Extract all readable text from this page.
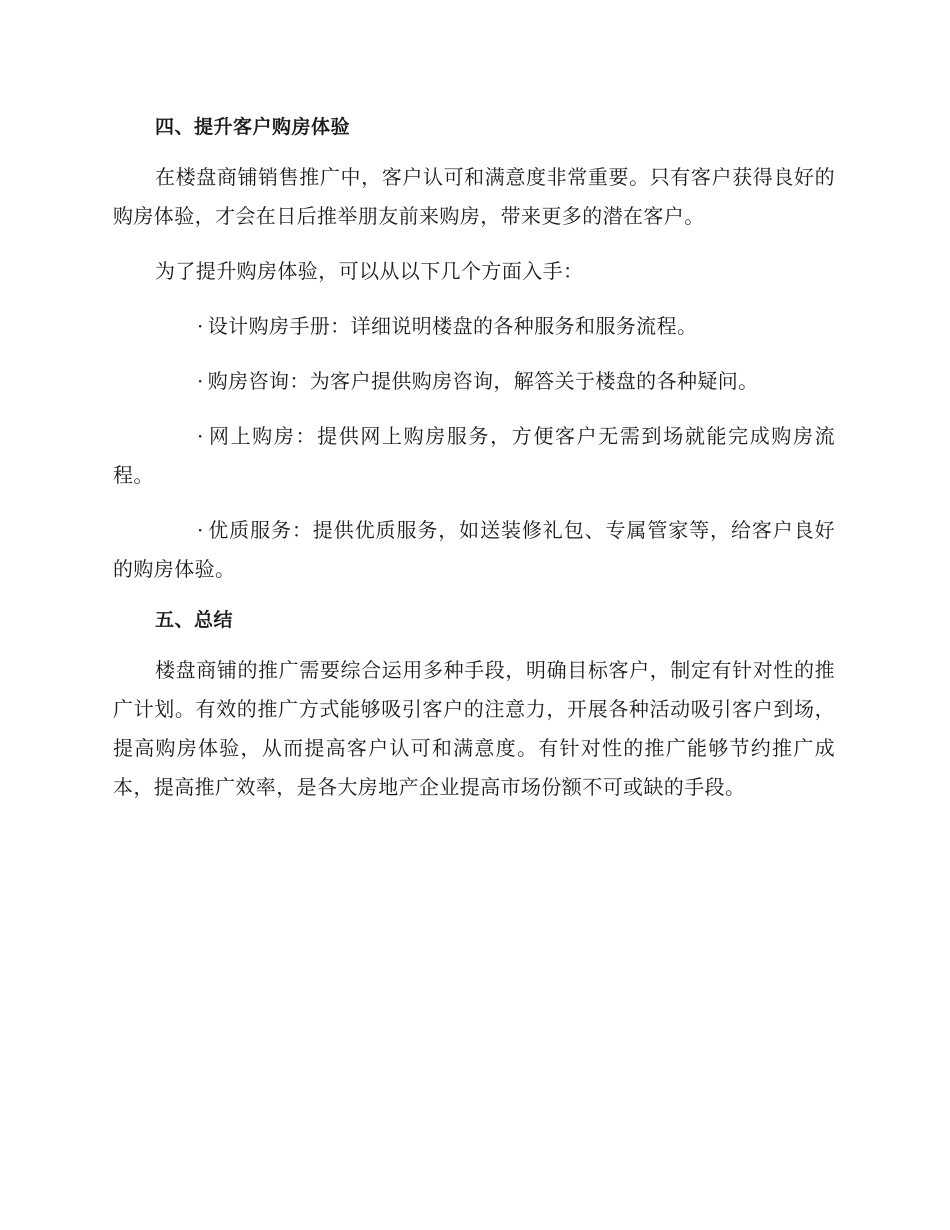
四、提升客户购房体验

在楼盘商铺销售推广中，客户认可和满意度非常重要。只有客户获得良好的购房体验，才会在日后推举朋友前来购房，带来更多的潜在客户。

为了提升购房体验，可以从以下几个方面入手：

· 设计购房手册：详细说明楼盘的各种服务和服务流程。

· 购房咨询：为客户提供购房咨询，解答关于楼盘的各种疑问。

· 网上购房：提供网上购房服务，方便客户无需到场就能完成购房流程。

· 优质服务：提供优质服务，如送装修礼包、专属管家等，给客户良好的购房体验。

五、总结

楼盘商铺的推广需要综合运用多种手段，明确目标客户，制定有针对性的推广计划。有效的推广方式能够吸引客户的注意力，开展各种活动吸引客户到场，提高购房体验，从而提高客户认可和满意度。有针对性的推广能够节约推广成本，提高推广效率，是各大房地产企业提高市场份额不可或缺的手段。
